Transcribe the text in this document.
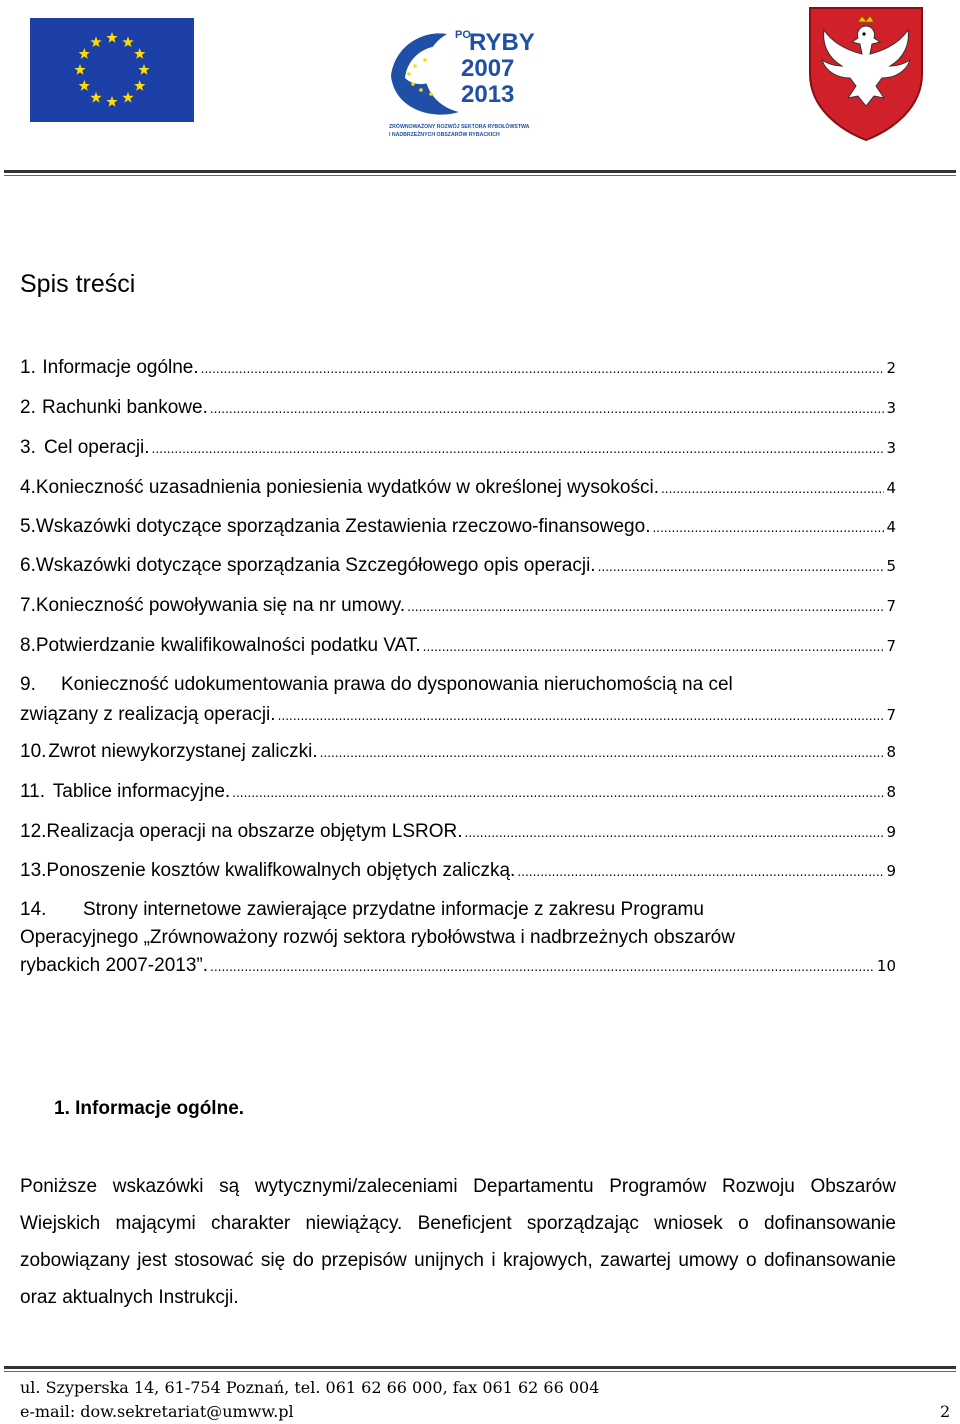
PO
RYBY
2007
2013
ZRÓWNOWAŻONY ROZWÓJ SEKTORA RYBOŁÓWSTWA
I NADBRZEŻNYCH OBSZARÓW RYBACKICH
Spis treści
1. Informacje ogólne. .....	2
2. Rachunki bankowe. .....	3
3. Cel operacji. .....	3
4. Konieczność uzasadnienia poniesienia wydatków w określonej wysokości. .....	4
5. Wskazówki dotyczące sporządzania Zestawienia rzeczowo-finansowego. .....	4
6. Wskazówki dotyczące sporządzania Szczegółowego opis operacji. .....	5
7. Konieczność powoływania się na nr umowy. .....	7
8. Potwierdzanie kwalifikowalności podatku VAT. .....	7
9. Konieczność udokumentowania prawa do dysponowania nieruchomością na cel
związany z realizacją operacji. .....	7
10. Zwrot niewykorzystanej zaliczki. .....	8
11. Tablice informacyjne. .....	8
12. Realizacja operacji na obszarze objętym LSROR. .....	9
13. Ponoszenie kosztów kwalifkowalnych objętych zaliczką. .....	9
14. Strony internetowe zawierające przydatne informacje z zakresu Programu
Operacyjnego „Zrównoważony rozwój sektora rybołówstwa i nadbrzeżnych obszarów
rybackich 2007-2013”. .....	10
1. Informacje ogólne.
Poniższe wskazówki są wytycznymi/zaleceniami Departamentu Programów Rozwoju Obszarów Wiejskich mającymi charakter niewiążący. Beneficjent sporządzając wniosek o dofinansowanie zobowiązany jest stosować się do przepisów unijnych i krajowych, zawartej umowy o dofinansowanie oraz aktualnych Instrukcji.
ul. Szyperska 14, 61-754 Poznań, tel. 061 62 66 000, fax 061 62 66 004
e-mail: dow.sekretariat@umww.pl	2
